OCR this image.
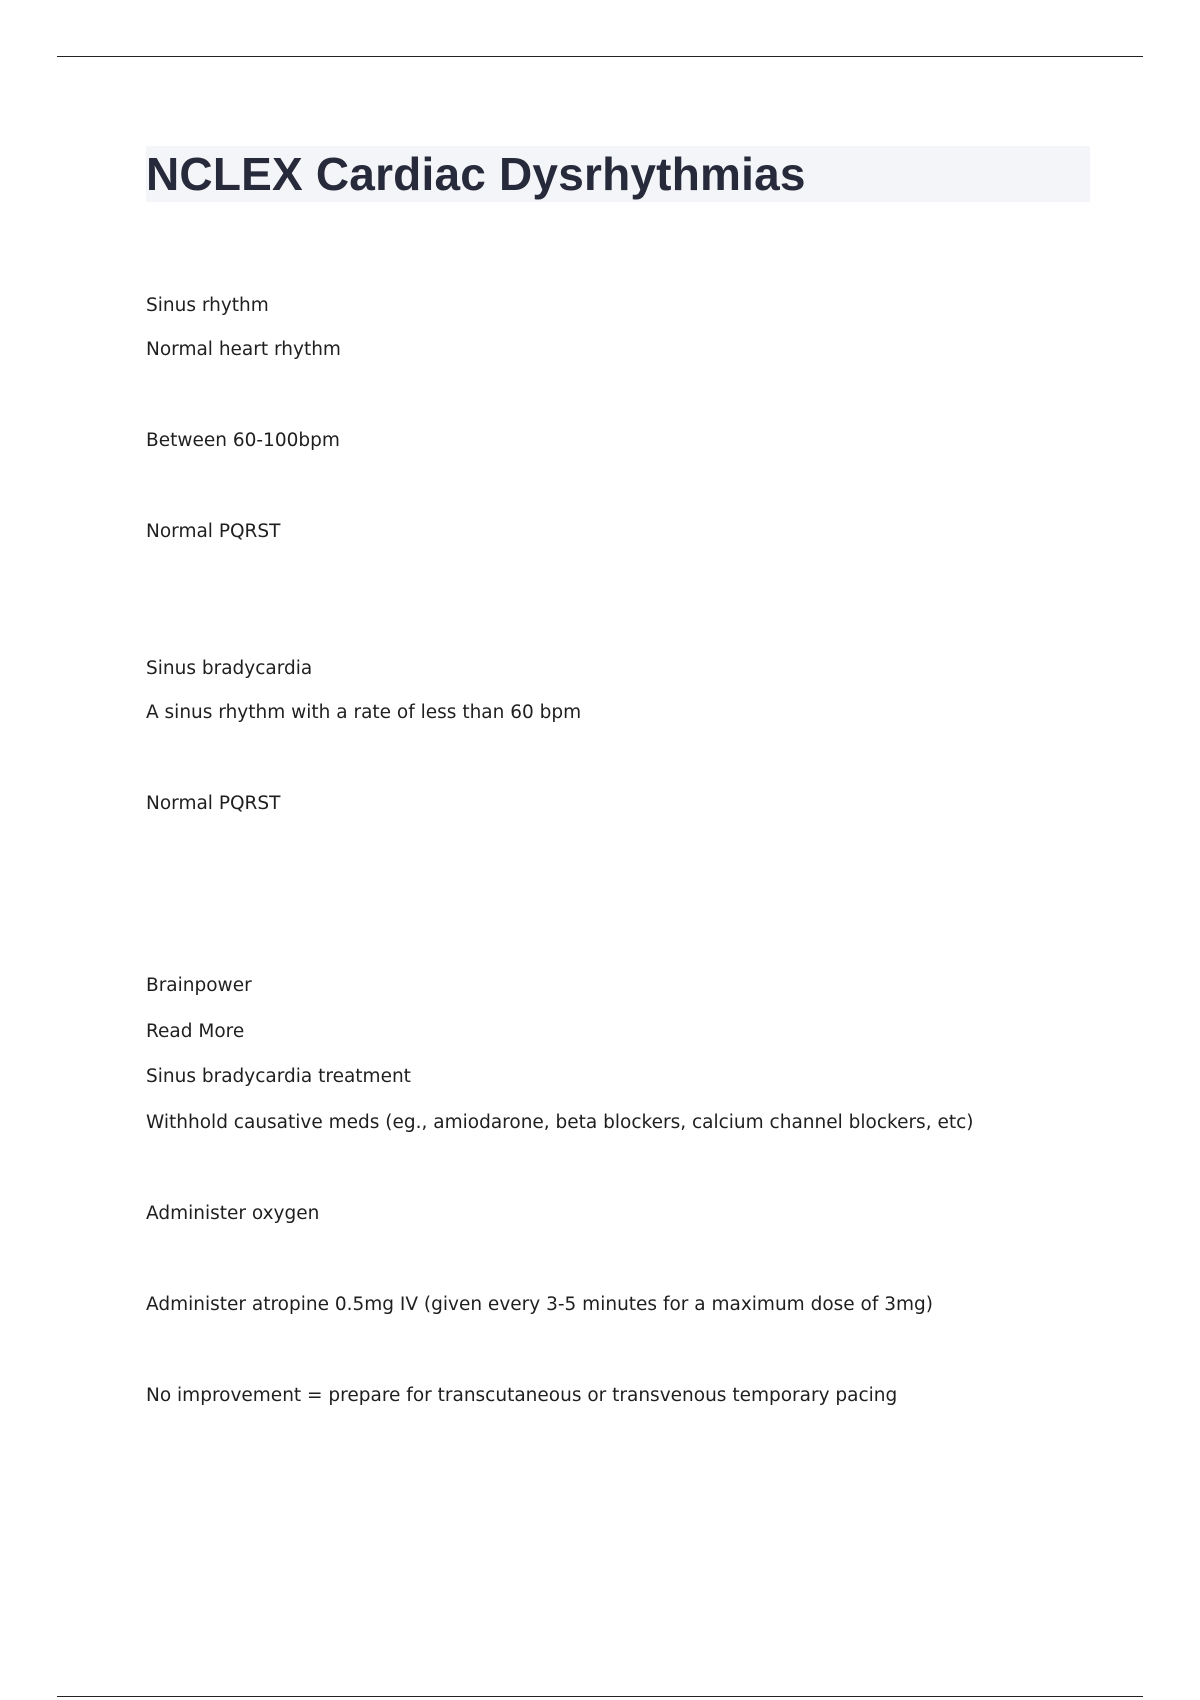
NCLEX Cardiac Dysrhythmias

Sinus rhythm

Normal heart rhythm

Between 60-100bpm

Normal PQRST

Sinus bradycardia

A sinus rhythm with a rate of less than 60 bpm

Normal PQRST

Brainpower

Read More

Sinus bradycardia treatment

Withhold causative meds (eg., amiodarone, beta blockers, calcium channel blockers, etc)

Administer oxygen

Administer atropine 0.5mg IV (given every 3-5 minutes for a maximum dose of 3mg)

No improvement = prepare for transcutaneous or transvenous temporary pacing
